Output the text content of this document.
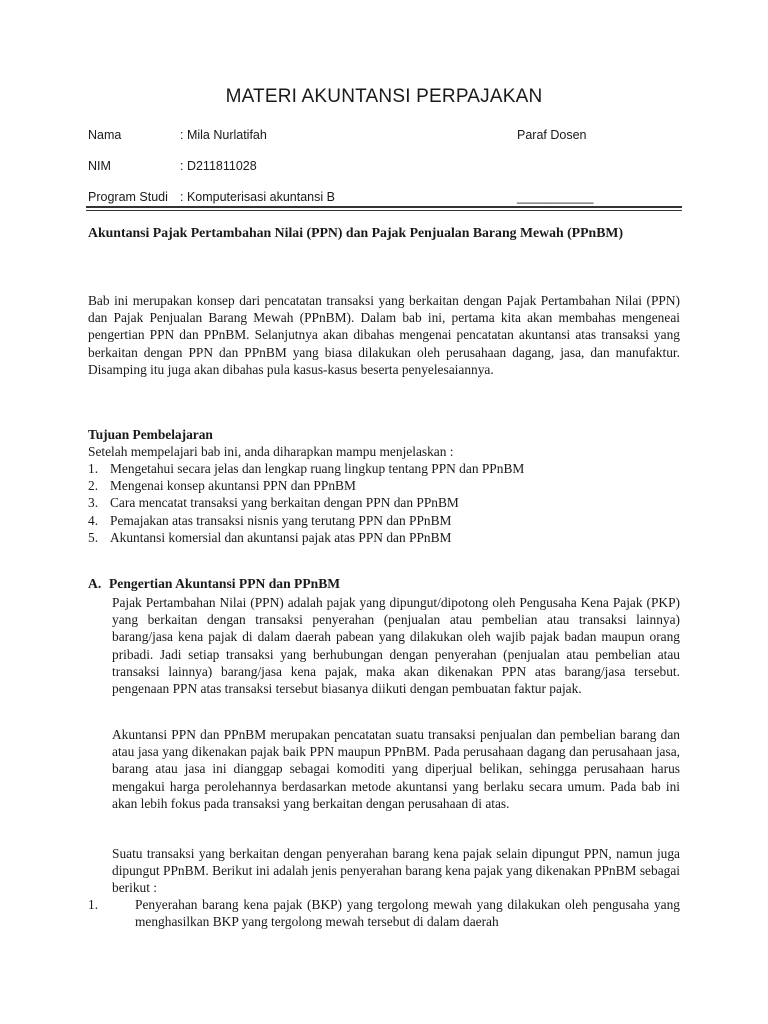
MATERI AKUNTANSI PERPAJAKAN
Nama	: Mila Nurlatifah	Paraf Dosen
NIM	: D211811028
Program Studi : Komputerisasi akuntansi B	___________
Akuntansi Pajak Pertambahan Nilai (PPN) dan Pajak Penjualan Barang Mewah (PPnBM)
Bab ini merupakan konsep dari pencatatan transaksi yang berkaitan dengan Pajak Pertambahan Nilai (PPN) dan Pajak Penjualan Barang Mewah (PPnBM). Dalam bab ini, pertama kita akan membahas mengeneai pengertian PPN dan PPnBM. Selanjutnya akan dibahas mengenai pencatatan akuntansi atas transaksi yang berkaitan dengan PPN dan PPnBM yang biasa dilakukan oleh perusahaan dagang, jasa, dan manufaktur. Disamping itu juga akan dibahas pula kasus-kasus beserta penyelesaiannya.
Tujuan Pembelajaran
Setelah mempelajari bab ini, anda diharapkan mampu menjelaskan :
1. Mengetahui secara jelas dan lengkap ruang lingkup tentang PPN dan PPnBM
2. Mengenai konsep akuntansi PPN dan PPnBM
3. Cara mencatat transaksi yang berkaitan dengan PPN dan PPnBM
4. Pemajakan atas transaksi nisnis yang terutang PPN dan PPnBM
5. Akuntansi komersial dan akuntansi pajak atas PPN dan PPnBM
A. Pengertian Akuntansi PPN dan PPnBM
Pajak Pertambahan Nilai (PPN) adalah pajak yang dipungut/dipotong oleh Pengusaha Kena Pajak (PKP) yang berkaitan dengan transaksi penyerahan (penjualan atau pembelian atau transaksi lainnya) barang/jasa kena pajak di dalam daerah pabean yang dilakukan oleh wajib pajak badan maupun orang pribadi. Jadi setiap transaksi yang berhubungan dengan penyerahan (penjualan atau pembelian atau transaksi lainnya) barang/jasa kena pajak, maka akan dikenakan PPN atas barang/jasa tersebut. pengenaan PPN atas transaksi tersebut biasanya diikuti dengan pembuatan faktur pajak.
Akuntansi PPN dan PPnBM merupakan pencatatan suatu transaksi penjualan dan pembelian barang dan atau jasa yang dikenakan pajak baik PPN maupun PPnBM. Pada perusahaan dagang dan perusahaan jasa, barang atau jasa ini dianggap sebagai komoditi yang diperjual belikan, sehingga perusahaan harus mengakui harga perolehannya berdasarkan metode akuntansi yang berlaku secara umum. Pada bab ini akan lebih fokus pada transaksi yang berkaitan dengan perusahaan di atas.
Suatu transaksi yang berkaitan dengan penyerahan barang kena pajak selain dipungut PPN, namun juga dipungut PPnBM. Berikut ini adalah jenis penyerahan barang kena pajak yang dikenakan PPnBM sebagai berikut :
1.	Penyerahan barang kena pajak (BKP) yang tergolong mewah yang dilakukan oleh pengusaha yang menghasilkan BKP yang tergolong mewah tersebut di dalam daerah
